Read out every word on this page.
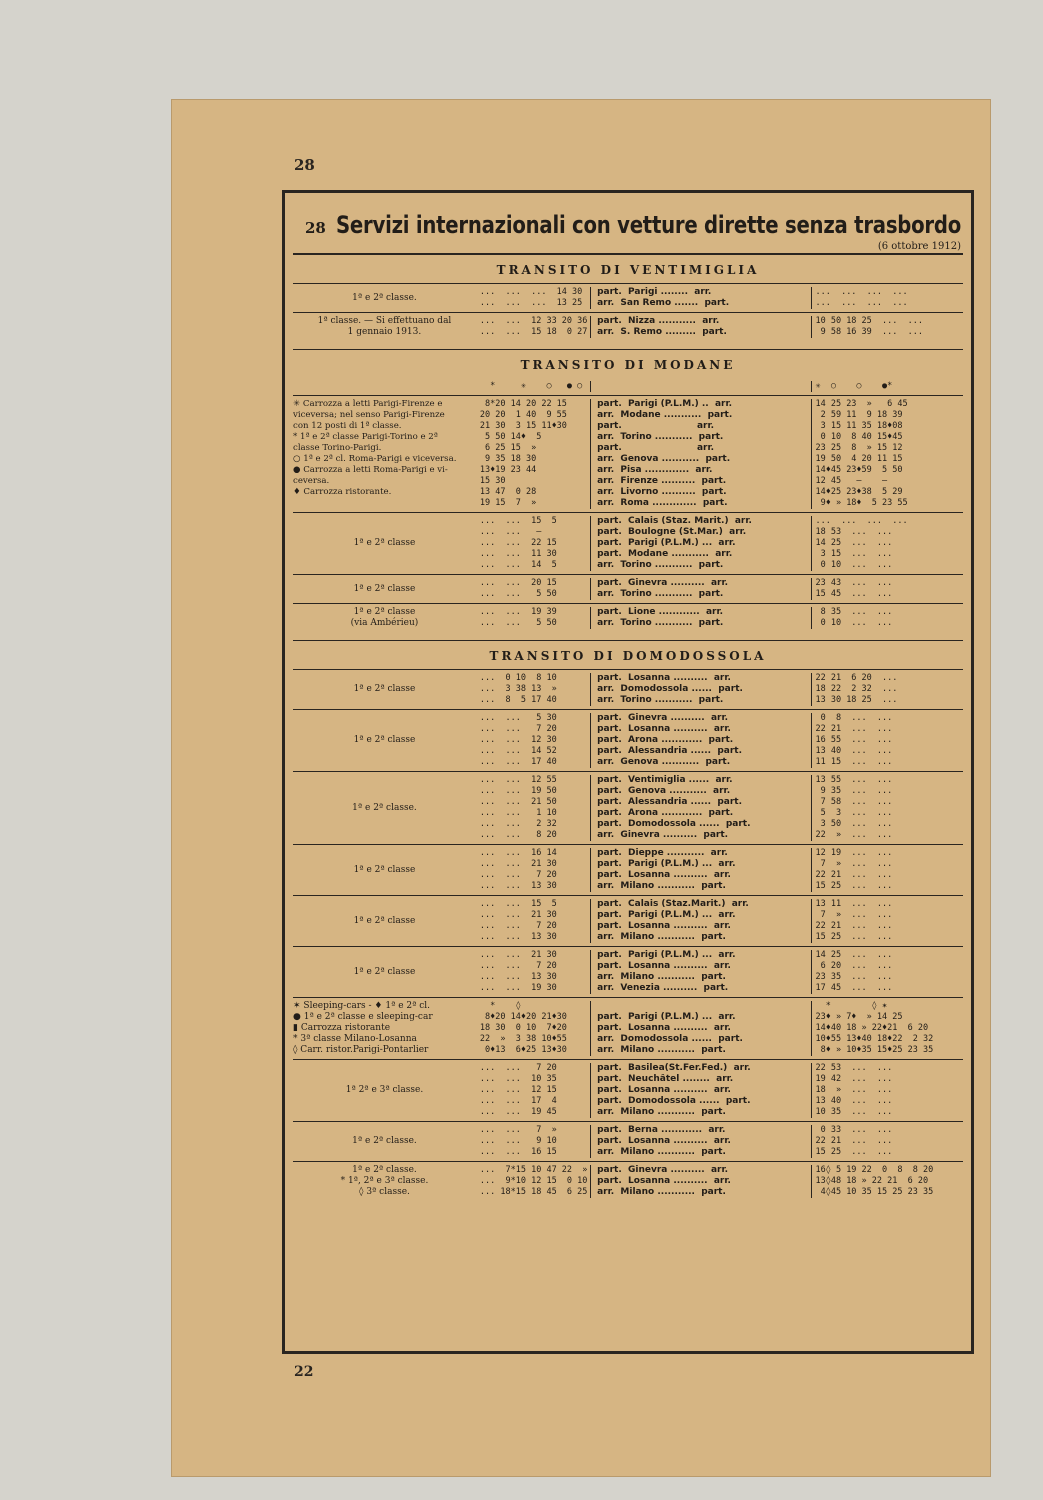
28
22
28 Servizi internazionali con vetture dirette senza trasbordo
(6 ottobre 1912)
TRANSITO DI VENTIMIGLIA
1ª e 2ª classe.
...  ...  ...  14 30
...  ...  ...  13 25
part.  Parigi ........  arr.
arr.  San Remo .......  part.
...  ...  ...  ...
...  ...  ...  ...
1ª classe. — Si effettuano dal
1 gennaio 1913.
...  ...  12 33 20 36
...  ...  15 18  0 27
part.  Nizza ...........  arr.
arr.  S. Remo .........  part.
10 50 18 25  ...  ...
9 58 16 39  ...  ...
TRANSITO DI MODANE
*     ✳    ○   ● ○	✳  ○    ○    ●*
✳ Carrozza a letti Parigi-Firenze e
viceversa; nel senso Parigi-Firenze
con 12 posti di 1ª classe.
* 1ª e 2ª classe Parigi-Torino e 2ª
classe Torino-Parigi.
○ 1ª e 2ª cl. Roma-Parigi e viceversa.
● Carrozza a letti Roma-Parigi e vi-
ceversa.
♦ Carrozza ristorante.
8*20 14 20 22 15
20 20  1 40  9 55
21 30  3 15 11♦30
5 50 14♦  5
6 25 15  »
9 35 18 30
13♦19 23 44
15 30
13 47  0 28
19 15  7  »
part.  Parigi (P.L.M.) ..  arr.
arr.  Modane ...........  part.
part.                        arr.
arr.  Torino ...........  part.
part.                        arr.
arr.  Genova ...........  part.
arr.  Pisa .............  arr.
arr.  Firenze ..........  part.
arr.  Livorno ..........  part.
arr.  Roma .............  part.
14 25 23  »   6 45
2 59 11  9 18 39
3 15 11 35 18♦08
0 10  8 40 15♦45
23 25  8  » 15 12
19 50  4 20 11 15
14♦45 23♦59  5 50
12 45   —    —
14♦25 23♦38  5 29
9♦ » 18♦  5 23 55
1ª e 2ª classe
...  ...  15  5
...  ...   —
...  ...  22 15
...  ...  11 30
...  ...  14  5
part.  Calais (Staz. Marit.)  arr.
part.  Boulogne (St.Mar.)  arr.
part.  Parigi (P.L.M.) ...  arr.
part.  Modane ...........  arr.
arr.  Torino ...........  part.
...  ...  ...  ...
18 53  ...  ...
14 25  ...  ...
3 15  ...  ...
0 10  ...  ...
1ª e 2ª classe
...  ...  20 15
...  ...   5 50
part.  Ginevra ..........  arr.
arr.  Torino ...........  part.
23 43  ...  ...
15 45  ...  ...
1ª e 2ª classe
(via Ambérieu)
...  ...  19 39
...  ...   5 50
part.  Lione ............  arr.
arr.  Torino ...........  part.
8 35  ...  ...
0 10  ...  ...
TRANSITO DI DOMODOSSOLA
1ª e 2ª classe
...  0 10  8 10
...  3 38 13  »
...  8  5 17 40
part.  Losanna ..........  arr.
arr.  Domodossola ......  part.
arr.  Torino ...........  part.
22 21  6 20  ...
18 22  2 32  ...
13 30 18 25  ...
1ª e 2ª classe
...  ...   5 30
...  ...   7 20
...  ...  12 30
...  ...  14 52
...  ...  17 40
part.  Ginevra ..........  arr.
part.  Losanna ..........  arr.
part.  Arona ............  part.
part.  Alessandria ......  part.
arr.  Genova ...........  part.
0  8  ...  ...
22 21  ...  ...
16 55  ...  ...
13 40  ...  ...
11 15  ...  ...
1ª e 2ª classe.
...  ...  12 55
...  ...  19 50
...  ...  21 50
...  ...   1 10
...  ...   2 32
...  ...   8 20
part.  Ventimiglia ......  arr.
part.  Genova ...........  arr.
part.  Alessandria ......  part.
part.  Arona ............  part.
part.  Domodossola ......  part.
arr.  Ginevra ..........  part.
13 55  ...  ...
9 35  ...  ...
7 58  ...  ...
5  3  ...  ...
3 50  ...  ...
22  »  ...  ...
1ª e 2ª classe
...  ...  16 14
...  ...  21 30
...  ...   7 20
...  ...  13 30
part.  Dieppe ...........  arr.
part.  Parigi (P.L.M.) ...  arr.
part.  Losanna ..........  arr.
arr.  Milano ...........  part.
12 19  ...  ...
7  »  ...  ...
22 21  ...  ...
15 25  ...  ...
1ª e 2ª classe
...  ...  15  5
...  ...  21 30
...  ...   7 20
...  ...  13 30
part.  Calais (Staz.Marit.)  arr.
part.  Parigi (P.L.M.) ...  arr.
part.  Losanna ..........  arr.
arr.  Milano ...........  part.
13 11  ...  ...
7  »  ...  ...
22 21  ...  ...
15 25  ...  ...
1ª e 2ª classe
...  ...  21 30
...  ...   7 20
...  ...  13 30
...  ...  19 30
part.  Parigi (P.L.M.) ...  arr.
part.  Losanna ..........  arr.
arr.  Milano ...........  part.
arr.  Venezia ..........  part.
14 25  ...  ...
6 20  ...  ...
23 35  ...  ...
17 45  ...  ...
✶ Sleeping-cars - ♦ 1ª e 2ª cl.
● 1ª e 2ª classe e sleeping-car
▮ Carrozza ristorante
* 3ª classe Milano-Losanna
◊ Carr. ristor.Parigi-Pontarlier
*    ◊
8♦20 14♦20 21♦30
18 30  0 10  7♦20
22  »  3 38 10♦55
0♦13  6♦25 13♦30
part.  Parigi (P.L.M.) ...  arr.
part.  Losanna ..........  arr.
arr.  Domodossola ......  part.
arr.  Milano ...........  part.
*        ◊ ✶
23♦ » 7♦  » 14 25
14♦40 18 » 22♦21  6 20
10♦55 13♦40 18♦22  2 32
8♦ » 10♦35 15♦25 23 35
1ª 2ª e 3ª classe.
...  ...   7 20
...  ...  10 35
...  ...  12 15
...  ...  17  4
...  ...  19 45
part.  Basilea(St.Fer.Fed.)  arr.
part.  Neuchâtel ........  arr.
part.  Losanna ..........  arr.
part.  Domodossola ......  part.
arr.  Milano ...........  part.
22 53  ...  ...
19 42  ...  ...
18  »  ...  ...
13 40  ...  ...
10 35  ...  ...
1ª e 2ª classe.
...  ...   7  »
...  ...   9 10
...  ...  16 15
part.  Berna ............  arr.
part.  Losanna ..........  arr.
arr.  Milano ...........  part.
0 33  ...  ...
22 21  ...  ...
15 25  ...  ...
1ª e 2ª classe.
* 1ª, 2ª e 3ª classe.
◊ 3ª classe.
...  7*15 10 47 22  »
...  9*10 12 15  0 10
... 18*15 18 45  6 25
part.  Ginevra ..........  arr.
part.  Losanna ..........  arr.
arr.  Milano ...........  part.
16◊ 5 19 22  0  8  8 20
13◊48 18 » 22 21  6 20
4◊45 10 35 15 25 23 35
